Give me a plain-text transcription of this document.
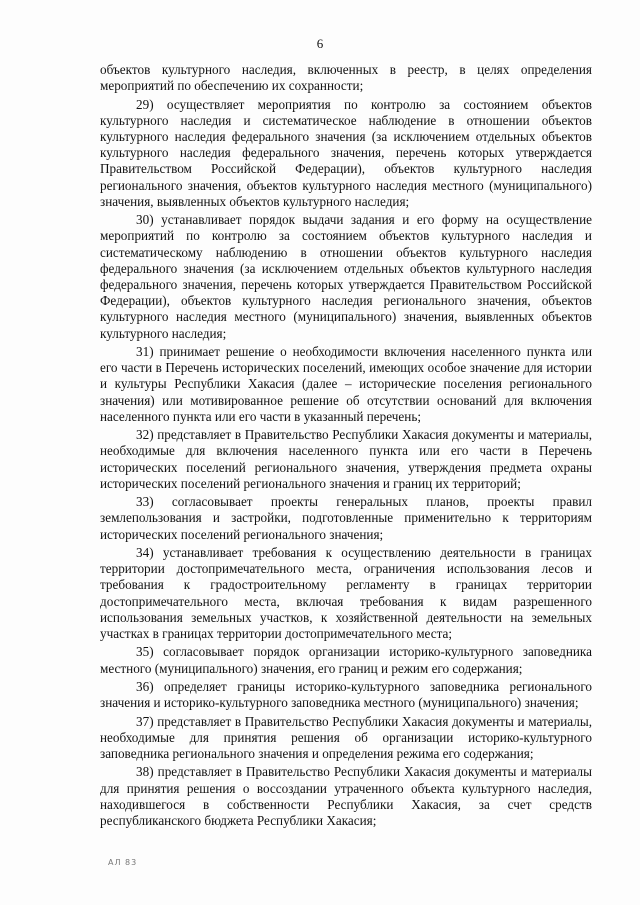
6

объектов культурного наследия, включенных в реестр, в целях определения мероприятий по обеспечению их сохранности;

29) осуществляет мероприятия по контролю за состоянием объектов культурного наследия и систематическое наблюдение в отношении объектов культурного наследия федерального значения (за исключением отдельных объектов культурного наследия федерального значения, перечень которых утверждается Правительством Российской Федерации), объектов культурного наследия регионального значения, объектов культурного наследия местного (муниципального) значения, выявленных объектов культурного наследия;

30) устанавливает порядок выдачи задания и его форму на осуществление мероприятий по контролю за состоянием объектов культурного наследия и систематическому наблюдению в отношении объектов культурного наследия федерального значения (за исключением отдельных объектов культурного наследия федерального значения, перечень которых утверждается Правительством Российской Федерации), объектов культурного наследия регионального значения, объектов культурного наследия местного (муниципального) значения, выявленных объектов культурного наследия;

31) принимает решение о необходимости включения населенного пункта или его части в Перечень исторических поселений, имеющих особое значение для истории и культуры Республики Хакасия (далее – исторические поселения регионального значения) или мотивированное решение об отсутствии оснований для включения населенного пункта или его части в указанный перечень;

32) представляет в Правительство Республики Хакасия документы и материалы, необходимые для включения населенного пункта или его части в Перечень исторических поселений регионального значения, утверждения предмета охраны исторических поселений регионального значения и границ их территорий;

33) согласовывает проекты генеральных планов, проекты правил землепользования и застройки, подготовленные применительно к территориям исторических поселений регионального значения;

34) устанавливает требования к осуществлению деятельности в границах территории достопримечательного места, ограничения использования лесов и требования к градостроительному регламенту в границах территории достопримечательного места, включая требования к видам разрешенного использования земельных участков, к хозяйственной деятельности на земельных участках в границах территории достопримечательного места;

35) согласовывает порядок организации историко-культурного заповедника местного (муниципального) значения, его границ и режим его содержания;

36) определяет границы историко-культурного заповедника регионального значения и историко-культурного заповедника местного (муниципального) значения;

37) представляет в Правительство Республики Хакасия документы и материалы, необходимые для принятия решения об организации историко-культурного заповедника регионального значения и определения режима его содержания;

38) представляет в Правительство Республики Хакасия документы и материалы для принятия решения о воссоздании утраченного объекта культурного наследия, находившегося в собственности Республики Хакасия, за счет средств республиканского бюджета Республики Хакасия;

АЛ 83
